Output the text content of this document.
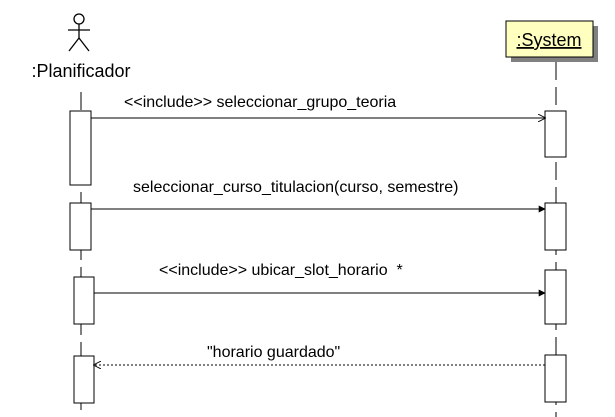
:Planificador
:System
<<include>> seleccionar_grupo_teoria
seleccionar_curso_titulacion(curso, semestre)
<<include>> ubicar_slot_horario  *
"horario guardado"
